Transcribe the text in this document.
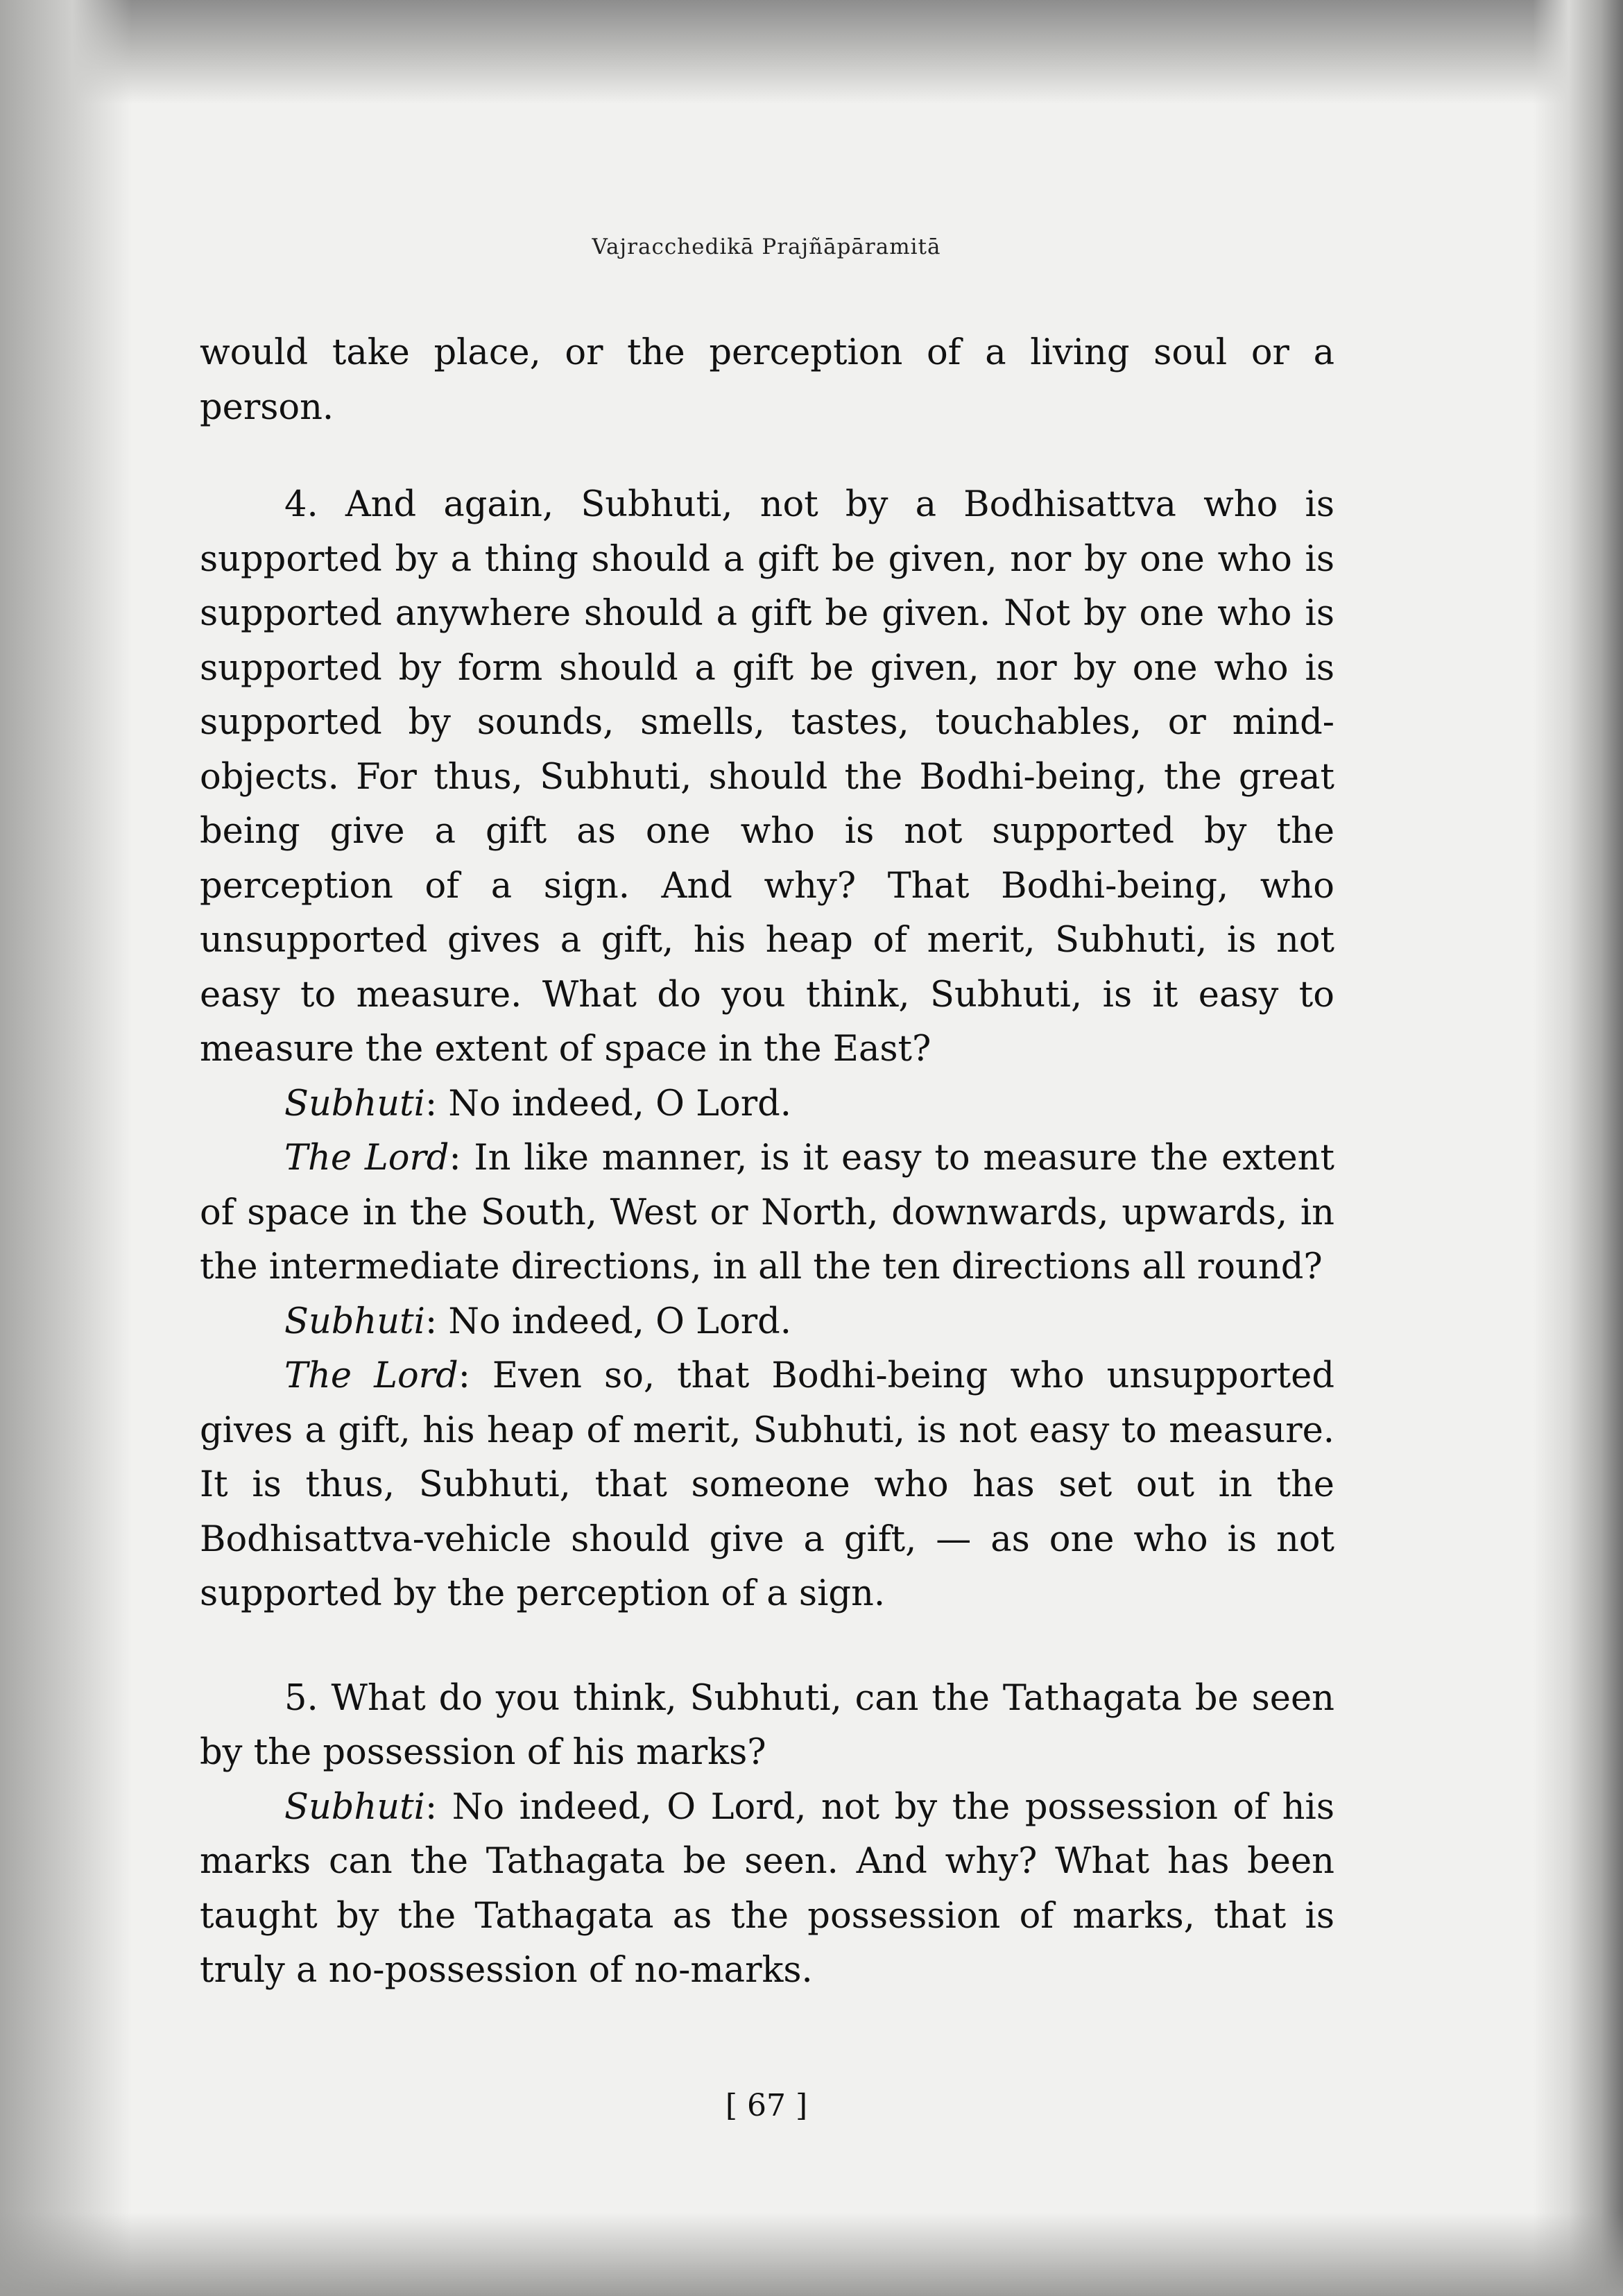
Vajracchedikā Prajñāpāramitā

would take place, or the perception of a living soul or a person.

4. And again, Subhuti, not by a Bodhisattva who is supported by a thing should a gift be given, nor by one who is supported anywhere should a gift be given. Not by one who is supported by form should a gift be given, nor by one who is supported by sounds, smells, tastes, touchables, or mind-objects. For thus, Subhuti, should the Bodhi-being, the great being give a gift as one who is not supported by the perception of a sign. And why? That Bodhi-being, who unsupported gives a gift, his heap of merit, Subhuti, is not easy to measure. What do you think, Subhuti, is it easy to measure the extent of space in the East?

Subhuti: No indeed, O Lord.

The Lord: In like manner, is it easy to measure the extent of space in the South, West or North, downwards, upwards, in the intermediate directions, in all the ten directions all round?

Subhuti: No indeed, O Lord.

The Lord: Even so, that Bodhi-being who unsupported gives a gift, his heap of merit, Subhuti, is not easy to measure. It is thus, Subhuti, that someone who has set out in the Bodhisattva-vehicle should give a gift, — as one who is not supported by the perception of a sign.

5. What do you think, Subhuti, can the Tathagata be seen by the possession of his marks?

Subhuti: No indeed, O Lord, not by the possession of his marks can the Tathagata be seen. And why? What has been taught by the Tathagata as the possession of marks, that is truly a no-possession of no-marks.

[ 67 ]
